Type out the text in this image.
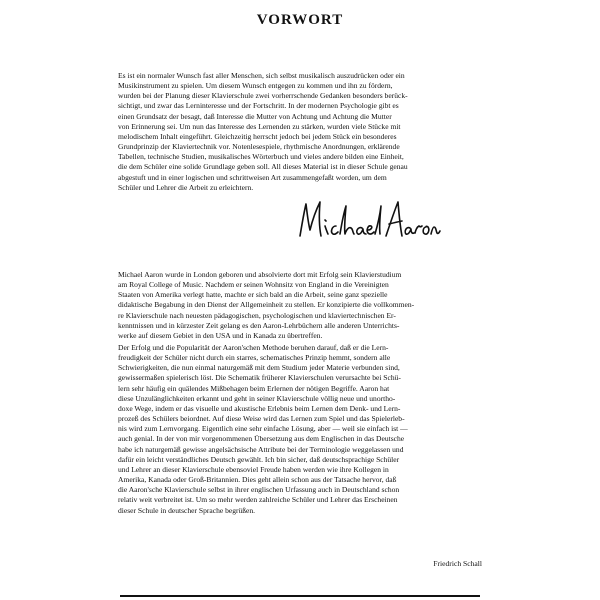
VORWORT
Es ist ein normaler Wunsch fast aller Menschen, sich selbst musikalisch auszudrücken oder ein
Musikinstrument zu spielen. Um diesem Wunsch entgegen zu kommen und ihn zu fördern,
wurden bei der Planung dieser Klavierschule zwei vorherrschende Gedanken besonders berück-
sichtigt, und zwar das Lerninteresse und der Fortschritt. In der modernen Psychologie gibt es
einen Grundsatz der besagt, daß Interesse die Mutter von Achtung und Achtung die Mutter
von Erinnerung sei. Um nun das Interesse des Lernenden zu stärken, wurden viele Stücke mit
melodischem Inhalt eingeführt. Gleichzeitig herrscht jedoch bei jedem Stück ein besonderes
Grundprinzip der Klaviertechnik vor. Notenlesespiele, rhythmische Anordnungen, erklärende
Tabellen, technische Studien, musikalisches Wörterbuch und vieles andere bilden eine Einheit,
die dem Schüler eine solide Grundlage geben soll. All dieses Material ist in dieser Schule genau
abgestuft und in einer logischen und schrittweisen Art zusammengefaßt worden, um dem
Schüler und Lehrer die Arbeit zu erleichtern.
Michael Aaron wurde in London geboren und absolvierte dort mit Erfolg sein Klavierstudium
am Royal College of Music. Nachdem er seinen Wohnsitz von England in die Vereinigten
Staaten von Amerika verlegt hatte, machte er sich bald an die Arbeit, seine ganz spezielle
didaktische Begabung in den Dienst der Allgemeinheit zu stellen. Er konzipierte die vollkommen-
re Klavierschule nach neuesten pädagogischen, psychologischen und klaviertechnischen Er-
kenntnissen und in kürzester Zeit gelang es den Aaron-Lehrbüchern alle anderen Unterrichts-
werke auf diesem Gebiet in den USA und in Kanada zu übertreffen.
Der Erfolg und die Popularität der Aaron'schen Methode beruhen darauf, daß er die Lern-
freudigkeit der Schüler nicht durch ein starres, schematisches Prinzip hemmt, sondern alle
Schwierigkeiten, die nun einmal naturgemäß mit dem Studium jeder Materie verbunden sind,
gewissermaßen spielerisch löst. Die Schematik früherer Klavierschulen verursachte bei Schü-
lern sehr häufig ein quälendes Mißbehagen beim Erlernen der nötigen Begriffe. Aaron hat
diese Unzulänglichkeiten erkannt und geht in seiner Klavierschule völlig neue und unortho-
doxe Wege, indem er das visuelle und akustische Erlebnis beim Lernen dem Denk- und Lern-
prozeß des Schülers beiordnet. Auf diese Weise wird das Lernen zum Spiel und das Spielerleb-
nis wird zum Lernvorgang. Eigentlich eine sehr einfache Lösung, aber — weil sie einfach ist —
auch genial. In der von mir vorgenommenen Übersetzung aus dem Englischen in das Deutsche
habe ich naturgemäß gewisse angelsächsische Attribute bei der Terminologie weggelassen und
dafür ein leicht verständliches Deutsch gewählt. Ich bin sicher, daß deutschsprachige Schüler
und Lehrer an dieser Klavierschule ebensoviel Freude haben werden wie ihre Kollegen in
Amerika, Kanada oder Groß-Britannien. Dies geht allein schon aus der Tatsache hervor, daß
die Aaron'sche Klavierschule selbst in ihrer englischen Urfassung auch in Deutschland schon
relativ weit verbreitet ist. Um so mehr werden zahlreiche Schüler und Lehrer das Erscheinen
dieser Schule in deutscher Sprache begrüßen.
Friedrich Schall
